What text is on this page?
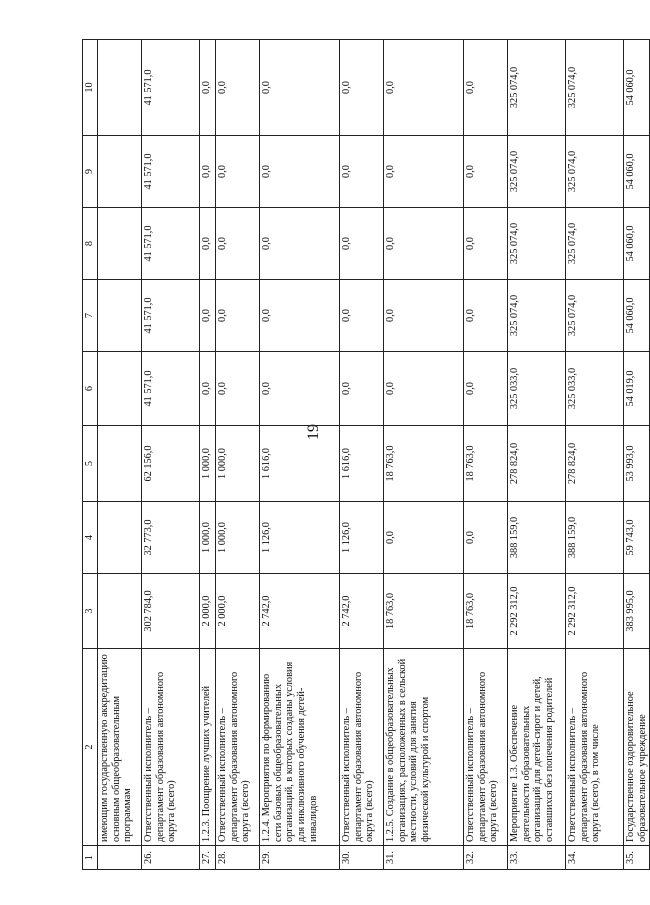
19
1	2	3	4	5	6	7	8	9	10
	имеющим государственную аккредитацию основным общеобразовательным программам								
26.	Ответственный исполнитель – департамент образования автономного округа (всего)	302 784,0	32 773,0	62 156,0	41 571,0	41 571,0	41 571,0	41 571,0	41 571,0
27.	1.2.3. Поощрение лучших учителей	2 000,0	1 000,0	1 000,0	0,0	0,0	0,0	0,0	0,0
28.	Ответственный исполнитель – департамент образования автономного округа (всего)	2 000,0	1 000,0	1 000,0	0,0	0,0	0,0	0,0	0,0
29.	1.2.4. Мероприятия по формированию сети базовых общеобразовательных организаций, в которых созданы условия для инклюзивного обучения детей-инвалидов	2 742,0	1 126,0	1 616,0	0,0	0,0	0,0	0,0	0,0
30.	Ответственный исполнитель – департамент образования автономного округа (всего)	2 742,0	1 126,0	1 616,0	0,0	0,0	0,0	0,0	0,0
31.	1.2.5. Создание в общеобразовательных организациях, расположенных в сельской местности, условий для занятия физической культурой и спортом	18 763,0	0,0	18 763,0	0,0	0,0	0,0	0,0	0,0
32.	Ответственный исполнитель – департамент образования автономного округа (всего)	18 763,0	0,0	18 763,0	0,0	0,0	0,0	0,0	0,0
33.	Мероприятие 1.3. Обеспечение деятельности образовательных организаций для детей-сирот и детей, оставшихся без попечения родителей	2 292 312,0	388 159,0	278 824,0	325 033,0	325 074,0	325 074,0	325 074,0	325 074,0
34.	Ответственный исполнитель – департамент образования автономного округа (всего), в том числе	2 292 312,0	388 159,0	278 824,0	325 033,0	325 074,0	325 074,0	325 074,0	325 074,0
35.	Государственное оздоровительное образовательное учреждение	383 995,0	59 743,0	53 993,0	54 019,0	54 060,0	54 060,0	54 060,0	54 060,0
